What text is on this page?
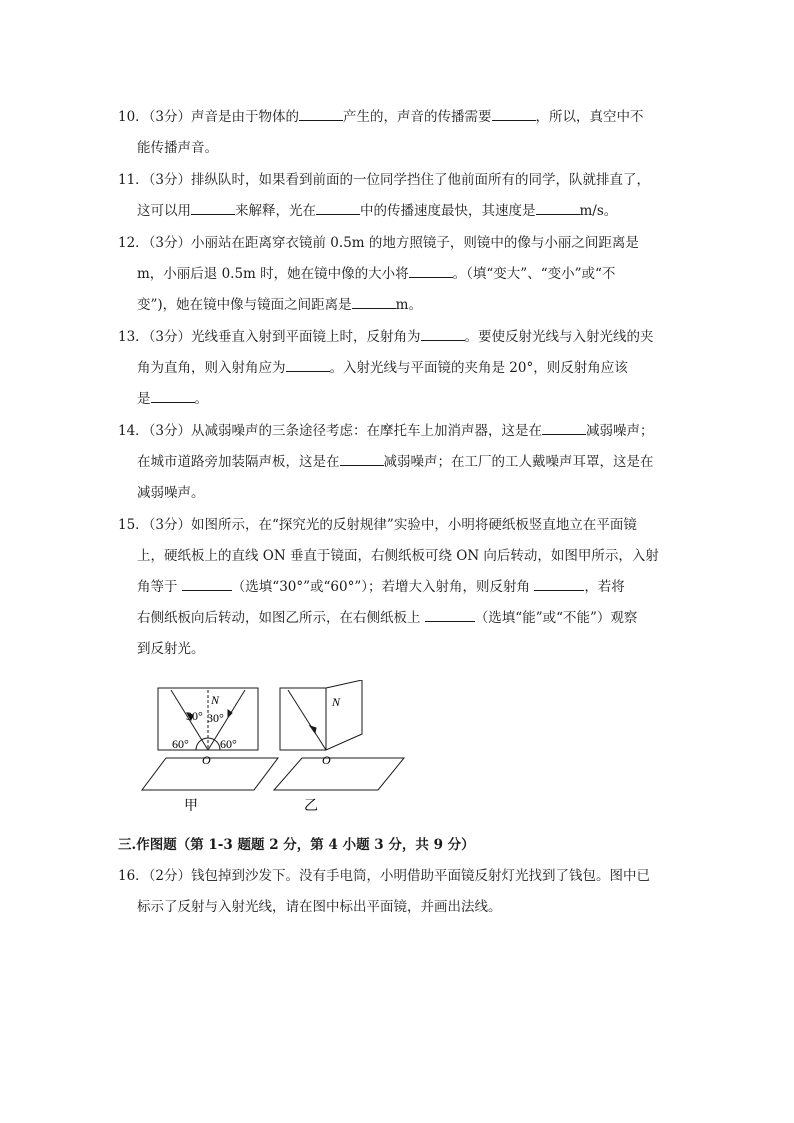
10．（3分）声音是由于物体的	产生的，声音的传播需要	，所以，真空中不
能传播声音。
11．（3分）排纵队时，如果看到前面的一位同学挡住了他前面所有的同学，队就排直了，
这可以用	来解释，光在	中的传播速度最快，其速度是	m/s。
12．（3分）小丽站在距离穿衣镜前 0.5m 的地方照镜子，则镜中的像与小丽之间距离是
m，小丽后退 0.5m 时，她在镜中像的大小将	。（填“变大”、“变小”或“不
变”)，她在镜中像与镜面之间距离是	m。
13．（3分）光线垂直入射到平面镜上时，反射角为	。要使反射光线与入射光线的夹
角为直角，则入射角应为	。入射光线与平面镜的夹角是 20°，则反射角应该
是	。
14．（3分）从减弱噪声的三条途径考虑：在摩托车上加消声器，这是在	减弱噪声；
在城市道路旁加装隔声板，这是在	减弱噪声；在工厂的工人戴噪声耳罩，这是在
减弱噪声。
15．（3分）如图所示，在“探究光的反射规律”实验中，小明将硬纸板竖直地立在平面镜
上，硬纸板上的直线 ON 垂直于镜面，右侧纸板可绕 ON 向后转动，如图甲所示，入射
角等于	（选填“30°”或“60°”）；若增大入射角，则反射角	，若将
右侧纸板向后转动，如图乙所示，在右侧纸板上	（选填“能”或“不能”）观察
到反射光。
N
30° 30°
60°	60°
O
甲
N
O
乙
三.作图题（第 1-3 题题 2 分，第 4 小题 3 分，共 9 分）
16．（2分）钱包掉到沙发下。没有手电筒，小明借助平面镜反射灯光找到了钱包。图中已
标示了反射与入射光线，请在图中标出平面镜，并画出法线。
